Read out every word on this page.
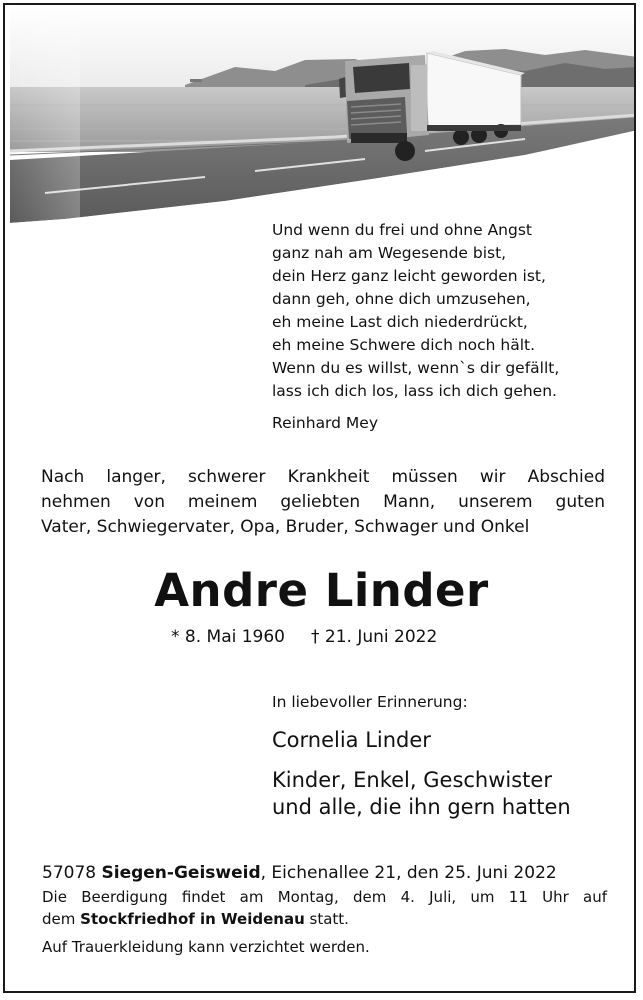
Und wenn du frei und ohne Angst
ganz nah am Wegesende bist,
dein Herz ganz leicht geworden ist,
dann geh, ohne dich umzusehen,
eh meine Last dich niederdrückt,
eh meine Schwere dich noch hält.
Wenn du es willst, wenn`s dir gefällt,
lass ich dich los, lass ich dich gehen.
Reinhard Mey
Nach langer, schwerer Krankheit müssen wir Abschied
nehmen von meinem geliebten Mann, unserem guten
Vater, Schwiegervater, Opa, Bruder, Schwager und Onkel
Andre Linder
* 8. Mai 1960 † 21. Juni 2022
In liebevoller Erinnerung:
Cornelia Linder
Kinder, Enkel, Geschwister
und alle, die ihn gern hatten
57078 Siegen-Geisweid, Eichenallee 21, den 25. Juni 2022
Die Beerdigung findet am Montag, dem 4. Juli, um 11 Uhr auf
dem Stockfriedhof in Weidenau statt.
Auf Trauerkleidung kann verzichtet werden.
